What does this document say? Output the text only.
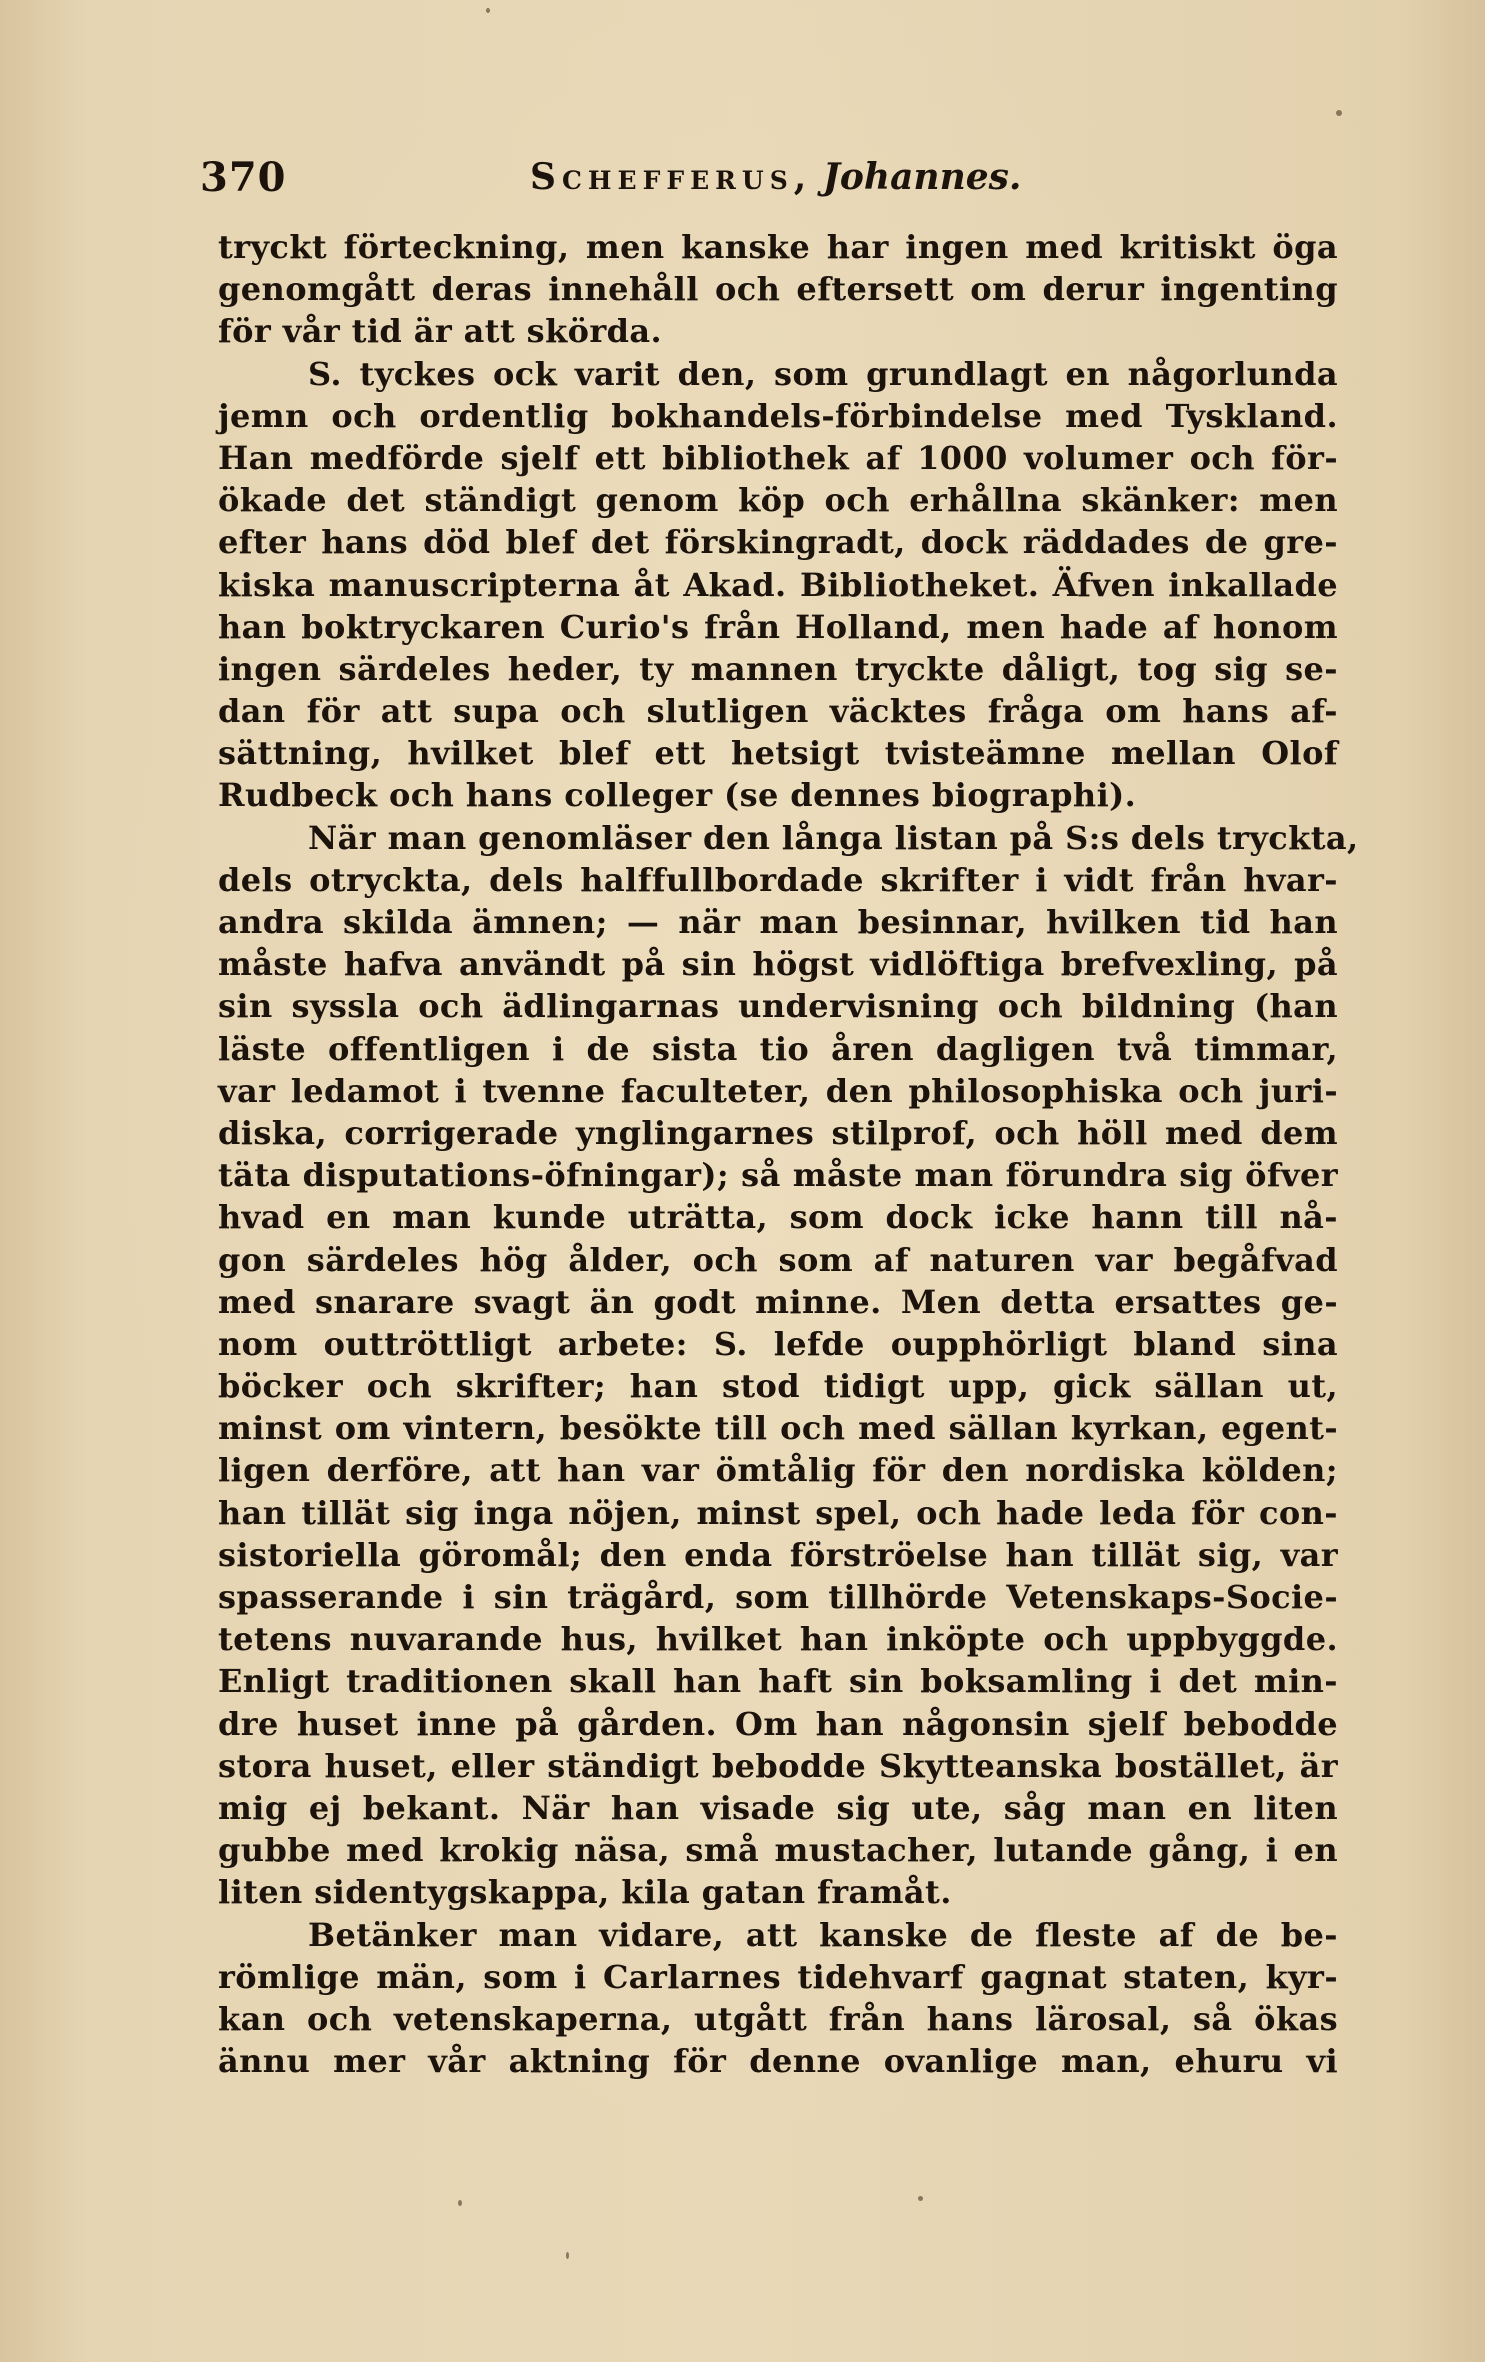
370	Schefferus, Johannes.
tryckt förteckning, men kanske har ingen med kritiskt öga
genomgått deras innehåll och eftersett om derur ingenting
för vår tid är att skörda.
S. tyckes ock varit den, som grundlagt en någorlunda
jemn och ordentlig bokhandels-förbindelse med Tyskland.
Han medförde sjelf ett bibliothek af 1000 volumer och för-
ökade det ständigt genom köp och erhållna skänker: men
efter hans död blef det förskingradt, dock räddades de gre-
kiska manuscripterna åt Akad. Bibliotheket. Äfven inkallade
han boktryckaren Curio's från Holland, men hade af honom
ingen särdeles heder, ty mannen tryckte dåligt, tog sig se-
dan för att supa och slutligen väcktes fråga om hans af-
sättning, hvilket blef ett hetsigt tvisteämne mellan Olof
Rudbeck och hans colleger (se dennes biographi).
När man genomläser den långa listan på S:s dels tryckta,
dels otryckta, dels halffullbordade skrifter i vidt från hvar-
andra skilda ämnen; — när man besinnar, hvilken tid han
måste hafva användt på sin högst vidlöftiga brefvexling, på
sin syssla och ädlingarnas undervisning och bildning (han
läste offentligen i de sista tio åren dagligen två timmar,
var ledamot i tvenne faculteter, den philosophiska och juri-
diska, corrigerade ynglingarnes stilprof, och höll med dem
täta disputations-öfningar); så måste man förundra sig öfver
hvad en man kunde uträtta, som dock icke hann till nå-
gon särdeles hög ålder, och som af naturen var begåfvad
med snarare svagt än godt minne. Men detta ersattes ge-
nom outtröttligt arbete: S. lefde oupphörligt bland sina
böcker och skrifter; han stod tidigt upp, gick sällan ut,
minst om vintern, besökte till och med sällan kyrkan, egent-
ligen derföre, att han var ömtålig för den nordiska kölden;
han tillät sig inga nöjen, minst spel, och hade leda för con-
sistoriella göromål; den enda förströelse han tillät sig, var
spasserande i sin trägård, som tillhörde Vetenskaps-Socie-
tetens nuvarande hus, hvilket han inköpte och uppbyggde.
Enligt traditionen skall han haft sin boksamling i det min-
dre huset inne på gården. Om han någonsin sjelf bebodde
stora huset, eller ständigt bebodde Skytteanska bostället, är
mig ej bekant. När han visade sig ute, såg man en liten
gubbe med krokig näsa, små mustacher, lutande gång, i en
liten sidentygskappa, kila gatan framåt.
Betänker man vidare, att kanske de fleste af de be-
römlige män, som i Carlarnes tidehvarf gagnat staten, kyr-
kan och vetenskaperna, utgått från hans lärosal, så ökas
ännu mer vår aktning för denne ovanlige man, ehuru vi
